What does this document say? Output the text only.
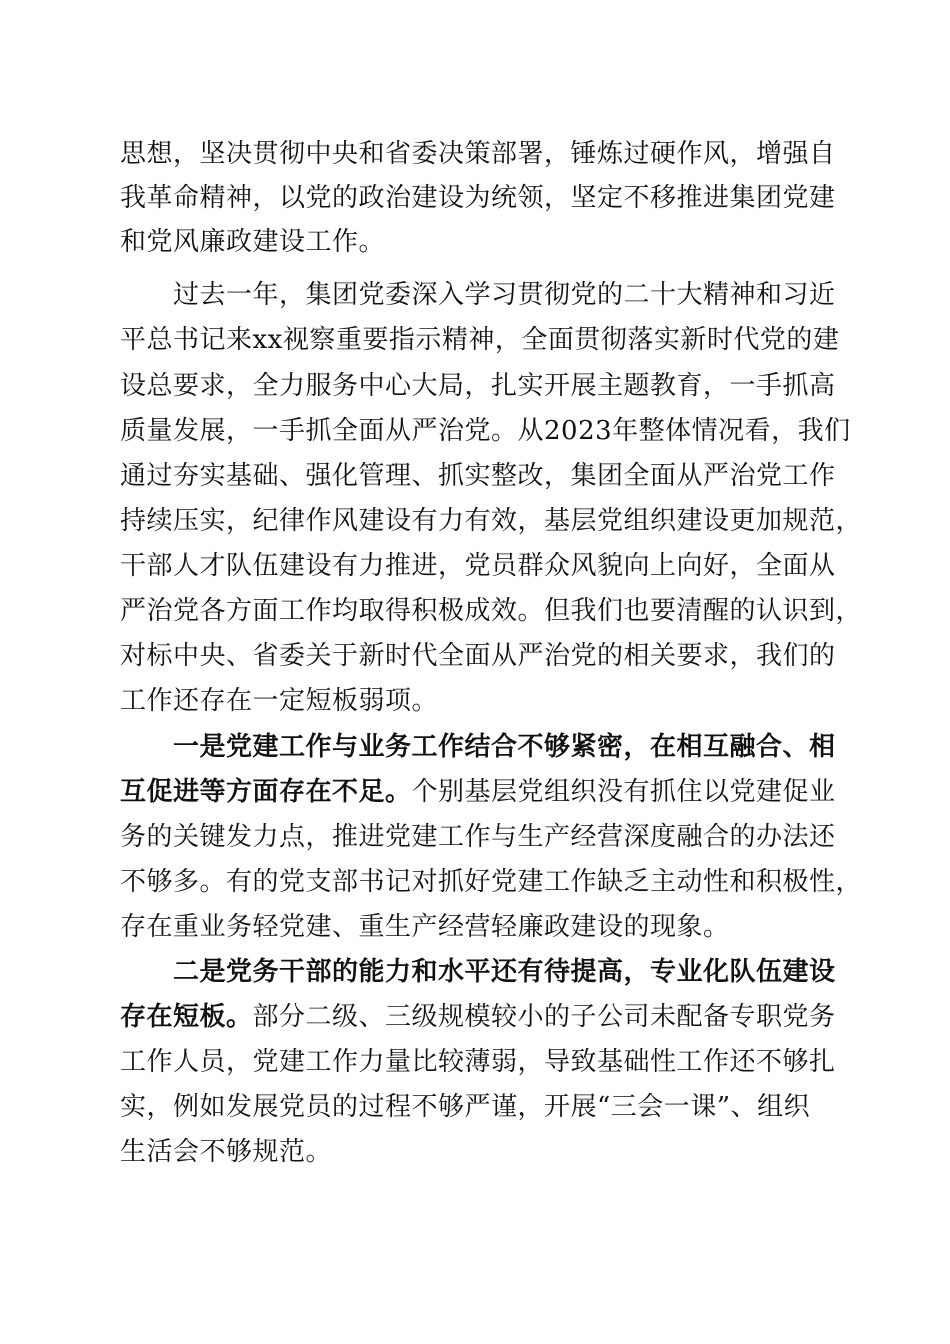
思想，坚决贯彻中央和省委决策部署，锤炼过硬作风，增强自
我革命精神，以党的政治建设为统领，坚定不移推进集团党建
和党风廉政建设工作。
过去一年，集团党委深入学习贯彻党的二十大精神和习近
平总书记来xx视察重要指示精神，全面贯彻落实新时代党的建
设总要求，全力服务中心大局，扎实开展主题教育，一手抓高
质量发展，一手抓全面从严治党。从2023年整体情况看，我们
通过夯实基础、强化管理、抓实整改，集团全面从严治党工作
持续压实，纪律作风建设有力有效，基层党组织建设更加规范，
干部人才队伍建设有力推进，党员群众风貌向上向好，全面从
严治党各方面工作均取得积极成效。但我们也要清醒的认识到，
对标中央、省委关于新时代全面从严治党的相关要求，我们的
工作还存在一定短板弱项。
一是党建工作与业务工作结合不够紧密，在相互融合、相
互促进等方面存在不足。个别基层党组织没有抓住以党建促业
务的关键发力点，推进党建工作与生产经营深度融合的办法还
不够多。有的党支部书记对抓好党建工作缺乏主动性和积极性，
存在重业务轻党建、重生产经营轻廉政建设的现象。
二是党务干部的能力和水平还有待提高，专业化队伍建设
存在短板。部分二级、三级规模较小的子公司未配备专职党务
工作人员，党建工作力量比较薄弱，导致基础性工作还不够扎
实，例如发展党员的过程不够严谨，开展“三会一课”、组织
生活会不够规范。
